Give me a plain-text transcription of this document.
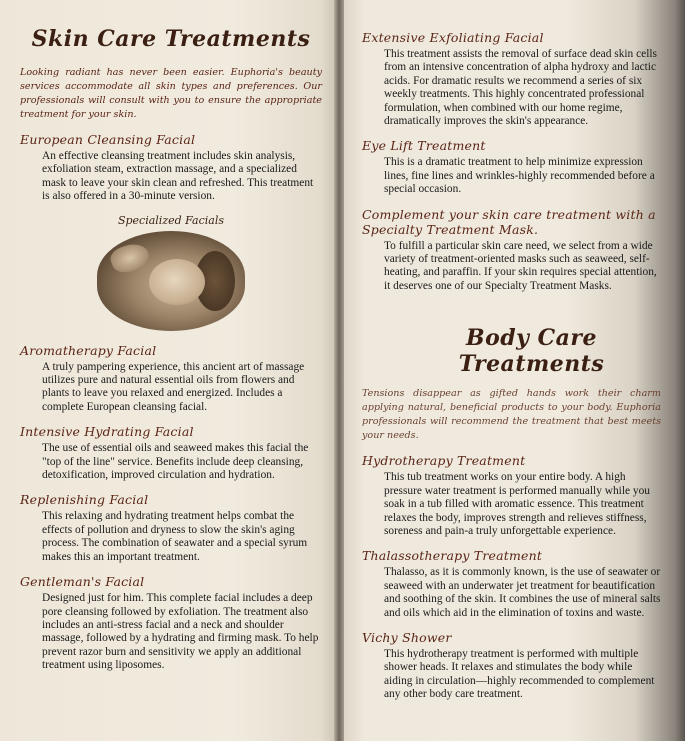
Skin Care Treatments
Looking radiant has never been easier. Euphoria's beauty services accommodate all skin types and preferences. Our professionals will consult with you to ensure the appropriate treatment for your skin.
European Cleansing Facial
An effective cleansing treatment includes skin analysis, exfoliation steam, extraction massage, and a specialized mask to leave your skin clean and refreshed. This treatment is also offered in a 30-minute version.
Specialized Facials
Aromatherapy Facial
A truly pampering experience, this ancient art of massage utilizes pure and natural essential oils from flowers and plants to leave you relaxed and energized. Includes a complete European cleansing facial.
Intensive Hydrating Facial
The use of essential oils and seaweed makes this facial the "top of the line" service. Benefits include deep cleansing, detoxification, improved circulation and hydration.
Replenishing Facial
This relaxing and hydrating treatment helps combat the effects of pollution and dryness to slow the skin's aging process. The combination of seawater and a special syrum makes this an important treatment.
Gentleman's Facial
Designed just for him. This complete facial includes a deep pore cleansing followed by exfoliation. The treatment also includes an anti-stress facial and a neck and shoulder massage, followed by a hydrating and firming mask. To help prevent razor burn and sensitivity we apply an additional treatment using liposomes.
Extensive Exfoliating Facial
This treatment assists the removal of surface dead skin cells from an intensive concentration of alpha hydroxy and lactic acids. For dramatic results we recommend a series of six weekly treatments. This highly concentrated professional formulation, when combined with our home regime, dramatically improves the skin's appearance.
Eye Lift Treatment
This is a dramatic treatment to help minimize expression lines, fine lines and wrinkles-highly recommended before a special occasion.
Complement your skin care treatment with a Specialty Treatment Mask.
To fulfill a particular skin care need, we select from a wide variety of treatment-oriented masks such as seaweed, self-heating, and paraffin. If your skin requires special attention, it deserves one of our Specialty Treatment Masks.
Body Care Treatments
Tensions disappear as gifted hands work their charm applying natural, beneficial products to your body. Euphoria professionals will recommend the treatment that best meets your needs.
Hydrotherapy Treatment
This tub treatment works on your entire body. A high pressure water treatment is performed manually while you soak in a tub filled with aromatic essence. This treatment relaxes the body, improves strength and relieves stiffness, soreness and pain-a truly unforgettable experience.
Thalassotherapy Treatment
Thalasso, as it is commonly known, is the use of seawater or seaweed with an underwater jet treatment for beautification and soothing of the skin. It combines the use of mineral salts and oils which aid in the elimination of toxins and waste.
Vichy Shower
This hydrotherapy treatment is performed with multiple shower heads. It relaxes and stimulates the body while aiding in circulation—highly recommended to complement any other body care treatment.
